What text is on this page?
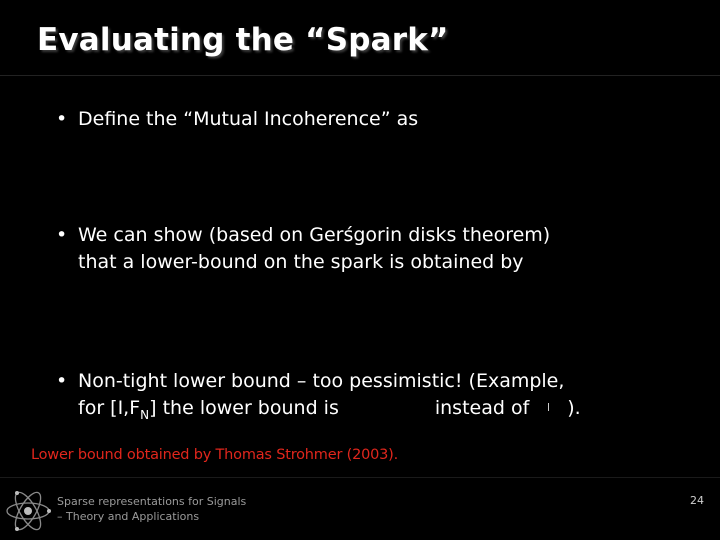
Evaluating the “Spark”
• Define the “Mutual Incoherence” as
• We can show (based on Gerśgorin disks theorem)
that a lower-bound on the spark is obtained by
• Non-tight lower bound – too pessimistic! (Example,
for $[I,F_N]$ the lower bound is	instead of ).
Lower bound obtained by Thomas Strohmer (2003).
Sparse representations for Signals
– Theory and Applications
24
